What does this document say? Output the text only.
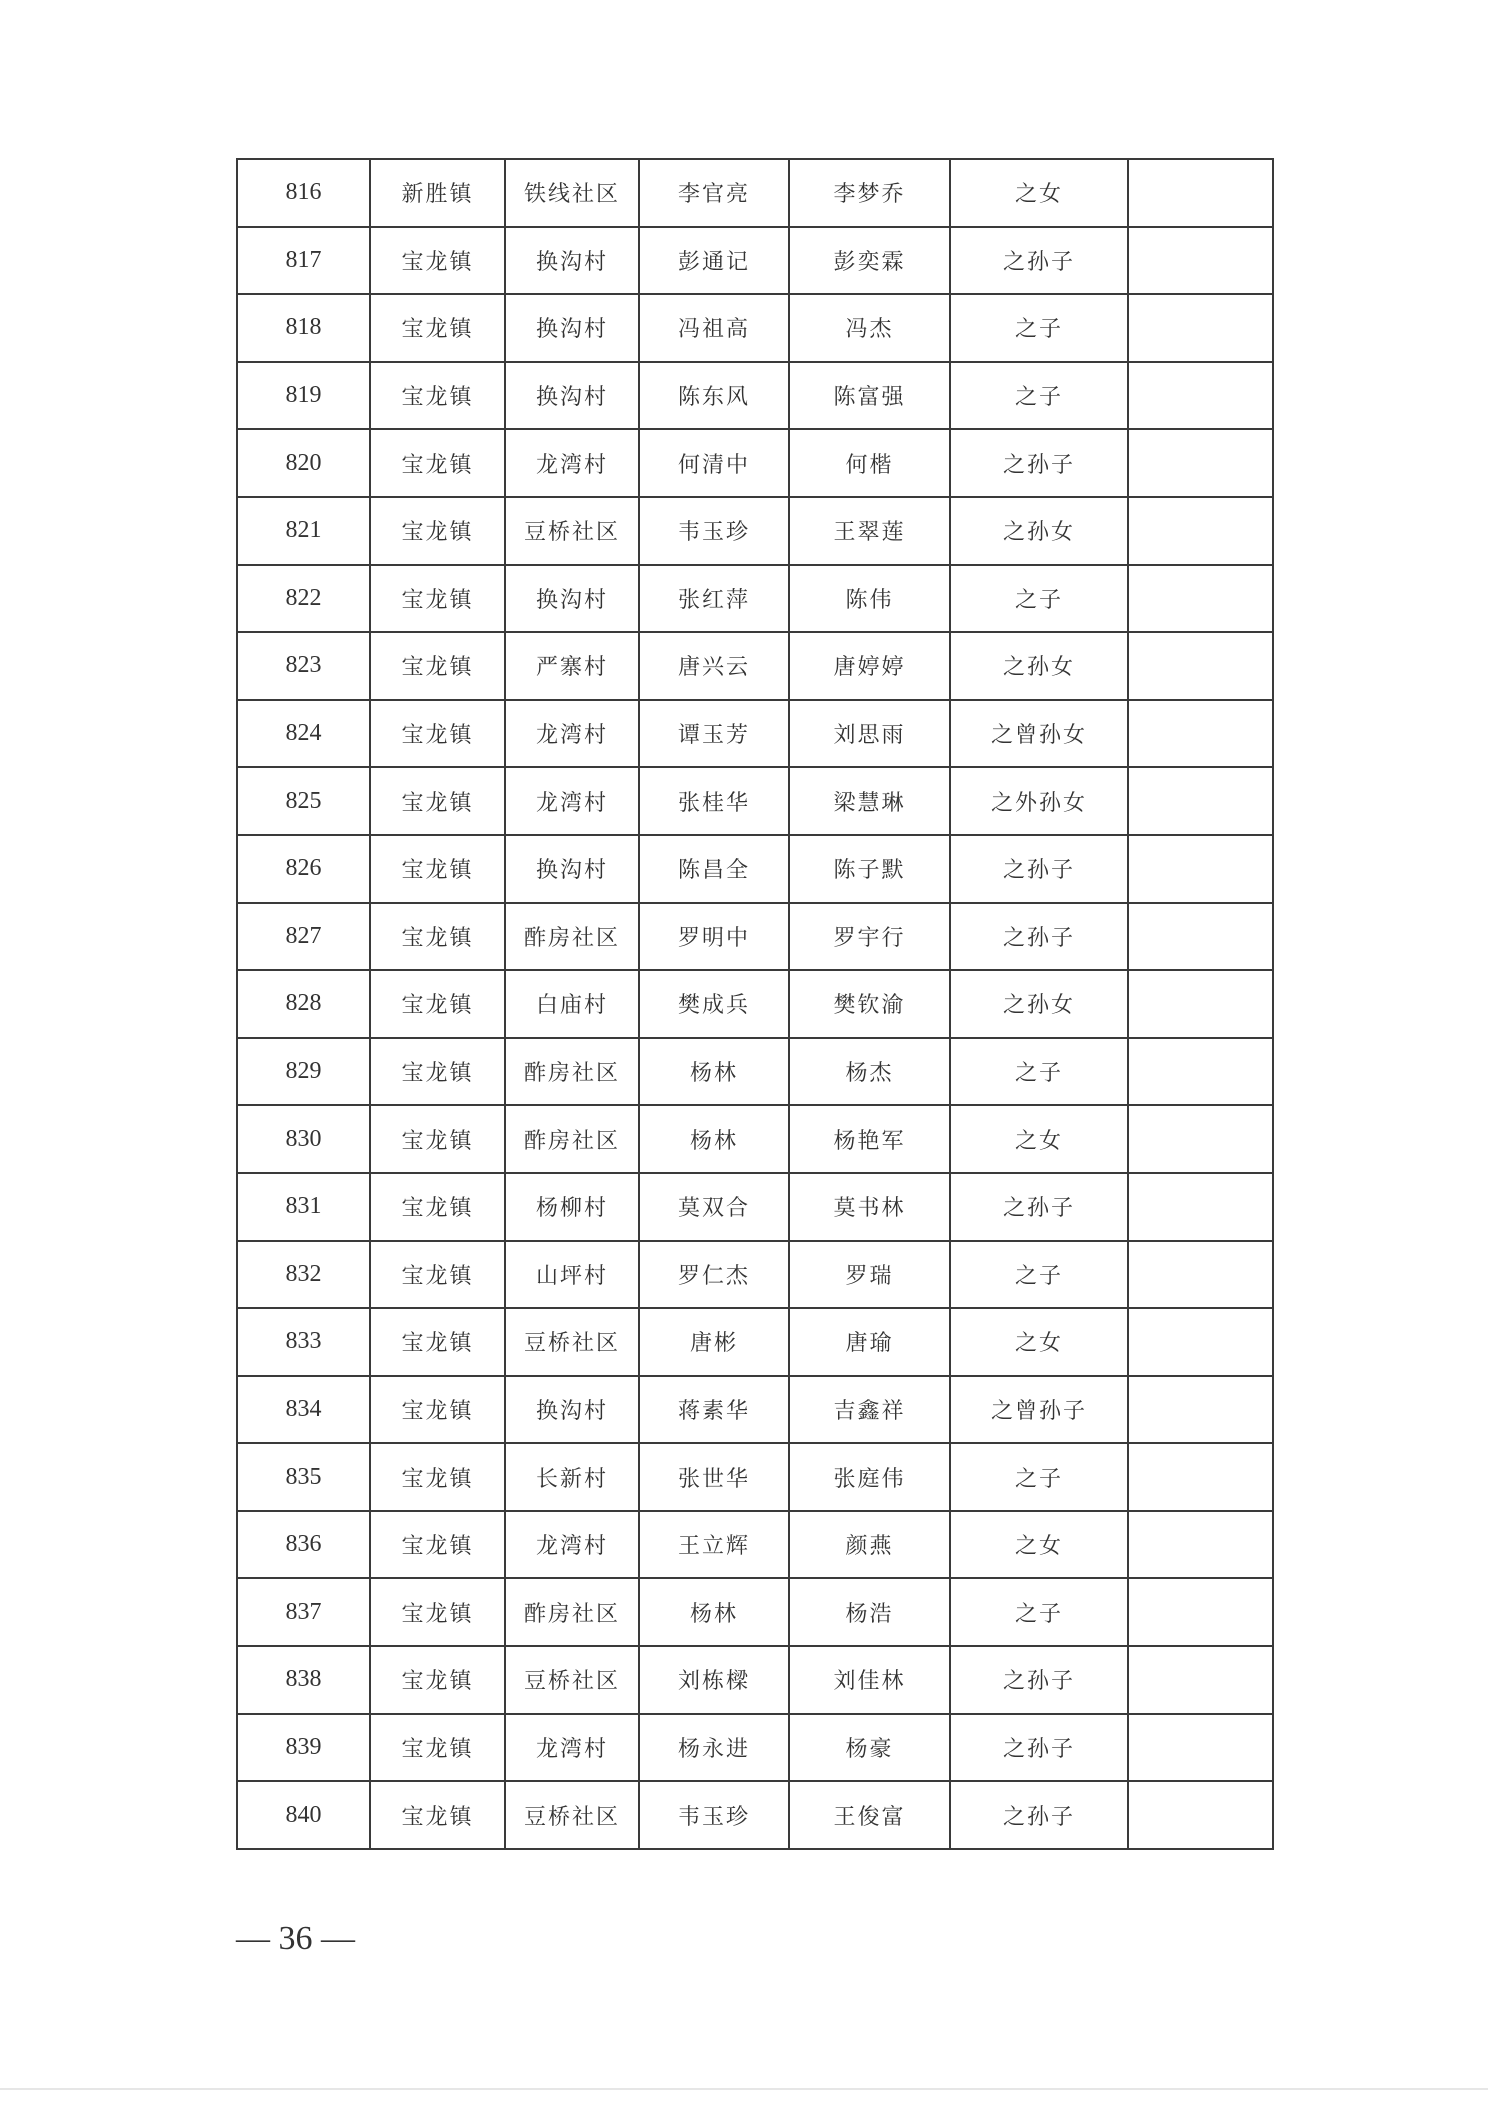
816	新胜镇	铁线社区	李官亮	李梦乔	之女	
817	宝龙镇	换沟村	彭通记	彭奕霖	之孙子	
818	宝龙镇	换沟村	冯祖高	冯杰	之子	
819	宝龙镇	换沟村	陈东风	陈富强	之子	
820	宝龙镇	龙湾村	何清中	何楷	之孙子	
821	宝龙镇	豆桥社区	韦玉珍	王翠莲	之孙女	
822	宝龙镇	换沟村	张红萍	陈伟	之子	
823	宝龙镇	严寨村	唐兴云	唐婷婷	之孙女	
824	宝龙镇	龙湾村	谭玉芳	刘思雨	之曾孙女	
825	宝龙镇	龙湾村	张桂华	梁慧琳	之外孙女	
826	宝龙镇	换沟村	陈昌全	陈子默	之孙子	
827	宝龙镇	酢房社区	罗明中	罗宇行	之孙子	
828	宝龙镇	白庙村	樊成兵	樊钦渝	之孙女	
829	宝龙镇	酢房社区	杨林	杨杰	之子	
830	宝龙镇	酢房社区	杨林	杨艳军	之女	
831	宝龙镇	杨柳村	莫双合	莫书林	之孙子	
832	宝龙镇	山坪村	罗仁杰	罗瑞	之子	
833	宝龙镇	豆桥社区	唐彬	唐瑜	之女	
834	宝龙镇	换沟村	蒋素华	吉鑫祥	之曾孙子	
835	宝龙镇	长新村	张世华	张庭伟	之子	
836	宝龙镇	龙湾村	王立辉	颜燕	之女	
837	宝龙镇	酢房社区	杨林	杨浩	之子	
838	宝龙镇	豆桥社区	刘栋樑	刘佳林	之孙子	
839	宝龙镇	龙湾村	杨永进	杨豪	之孙子	
840	宝龙镇	豆桥社区	韦玉珍	王俊富	之孙子	
— 36 —
